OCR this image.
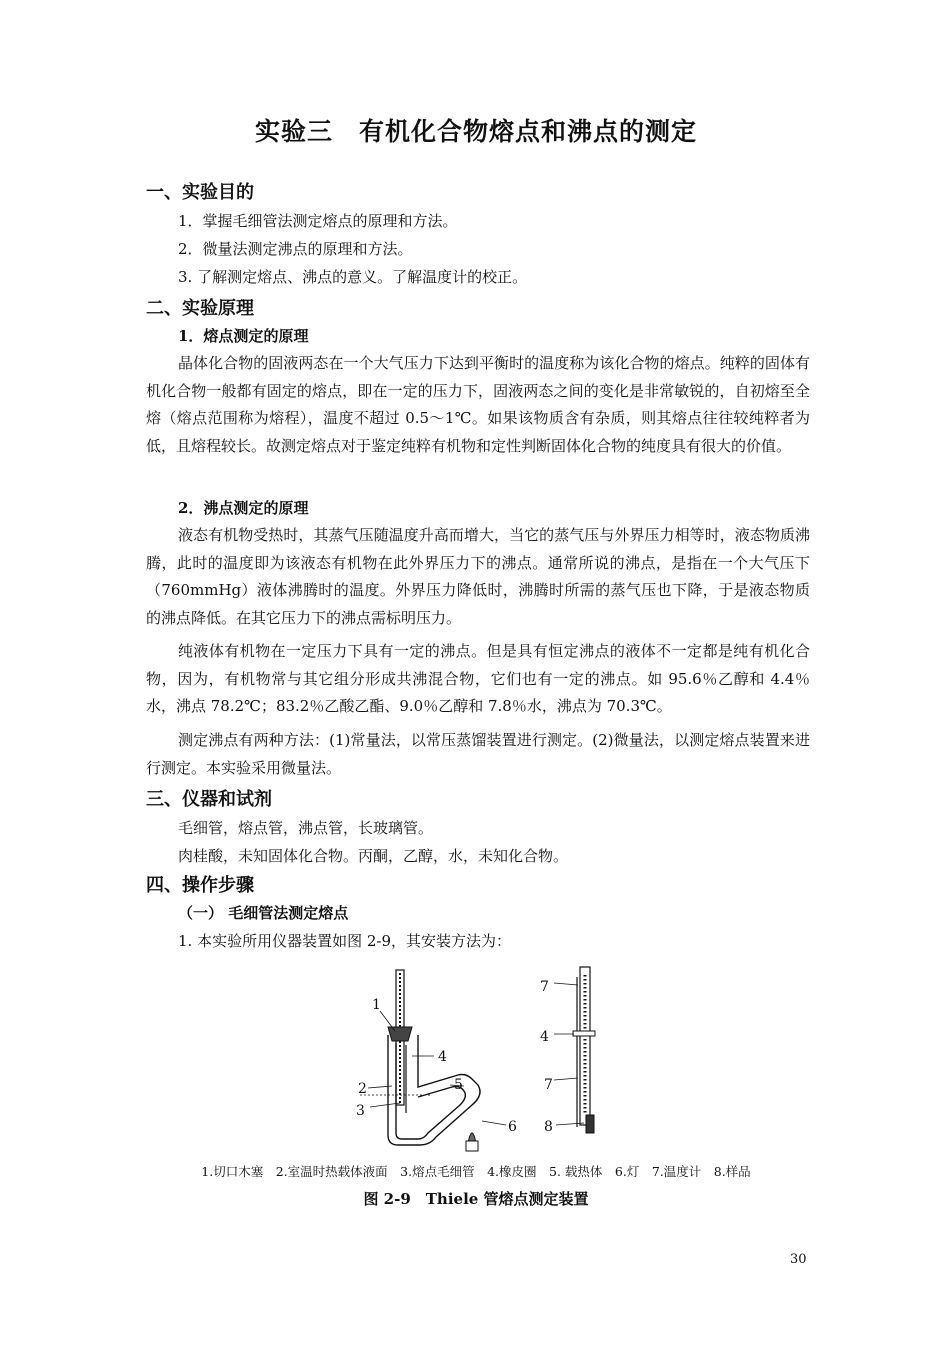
实验三　有机化合物熔点和沸点的测定
一、实验目的
1．掌握毛细管法测定熔点的原理和方法。
2．微量法测定沸点的原理和方法。
3. 了解测定熔点、沸点的意义。了解温度计的校正。
二、实验原理
1．熔点测定的原理
晶体化合物的固液两态在一个大气压力下达到平衡时的温度称为该化合物的熔点。纯粹的固体有机化合物一般都有固定的熔点，即在一定的压力下，固液两态之间的变化是非常敏锐的，自初熔至全熔（熔点范围称为熔程），温度不超过 0.5～1℃。如果该物质含有杂质，则其熔点往往较纯粹者为低，且熔程较长。故测定熔点对于鉴定纯粹有机物和定性判断固体化合物的纯度具有很大的价值。
2．沸点测定的原理
液态有机物受热时，其蒸气压随温度升高而增大，当它的蒸气压与外界压力相等时，液态物质沸腾，此时的温度即为该液态有机物在此外界压力下的沸点。通常所说的沸点，是指在一个大气压下（760mmHg）液体沸腾时的温度。外界压力降低时，沸腾时所需的蒸气压也下降，于是液态物质的沸点降低。在其它压力下的沸点需标明压力。
纯液体有机物在一定压力下具有一定的沸点。但是具有恒定沸点的液体不一定都是纯有机化合物，因为，有机物常与其它组分形成共沸混合物，它们也有一定的沸点。如 95.6％乙醇和 4.4％水，沸点 78.2℃；83.2％乙酸乙酯、9.0％乙醇和 7.8％水，沸点为 70.3℃。
测定沸点有两种方法：(1)常量法，以常压蒸馏装置进行测定。(2)微量法，以测定熔点装置来进行测定。本实验采用微量法。
三、仪器和试剂
毛细管，熔点管，沸点管，长玻璃管。
肉桂酸，未知固体化合物。丙酮，乙醇，水，未知化合物。
四、操作步骤
（一） 毛细管法测定熔点
1. 本实验所用仪器装置如图 2-9，其安装方法为：
1
2
3
4
5
6
7
4
7
8
1.切口木塞　2.室温时热载体液面　3.熔点毛细管　4.橡皮圈　5. 载热体　6.灯　7.温度计　8.样品
图 2-9　Thiele 管熔点测定装置
30
